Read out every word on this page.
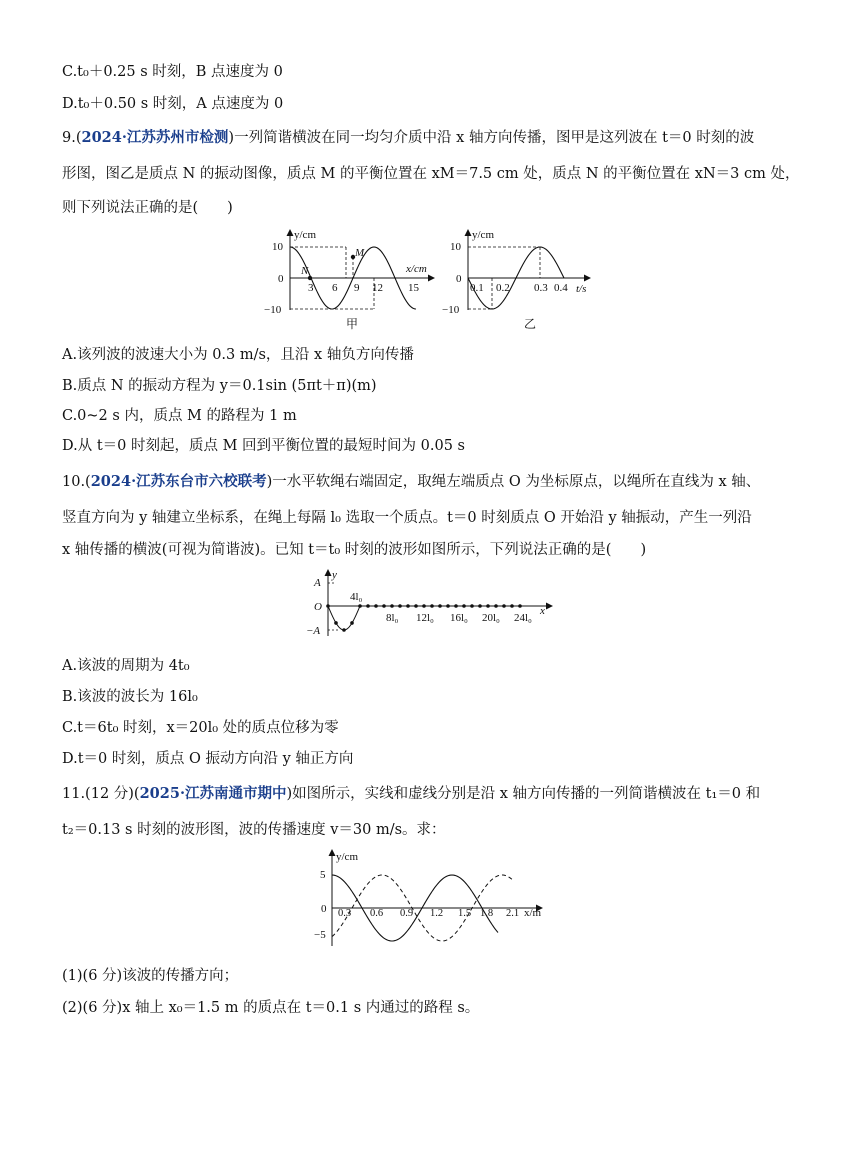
C.t₀＋0.25 s 时刻，B 点速度为 0
D.t₀＋0.50 s 时刻，A 点速度为 0
9.(2024·江苏苏州市检测)一列简谐横波在同一均匀介质中沿 x 轴方向传播，图甲是这列波在 t＝0 时刻的波
形图，图乙是质点 N 的振动图像，质点 M 的平衡位置在 xM＝7.5 cm 处，质点 N 的平衡位置在 xN＝3 cm 处，
则下列说法正确的是(　　)
y/cm
x/cm
10
0
−10
N
M
3 6 9 12 15
甲
y/cm
t/s
10
0
−10
0.1 0.2 0.3 0.4
乙
A.该列波的波速大小为 0.3 m/s，且沿 x 轴负方向传播
B.质点 N 的振动方程为 y＝0.1sin (5πt＋π)(m)
C.0~2 s 内，质点 M 的路程为 1 m
D.从 t＝0 时刻起，质点 M 回到平衡位置的最短时间为 0.05 s
10.(2024·江苏东台市六校联考)一水平软绳右端固定，取绳左端质点 O 为坐标原点，以绳所在直线为 x 轴、
竖直方向为 y 轴建立坐标系，在绳上每隔 l₀ 选取一个质点。t＝0 时刻质点 O 开始沿 y 轴振动，产生一列沿
x 轴传播的横波(可视为简谐波)。已知 t＝t₀ 时刻的波形如图所示，下列说法正确的是(　　)
y
x
A
O
−A
4l₀
8l₀ 12l₀ 16l₀ 20l₀ 24l₀
A.该波的周期为 4t₀
B.该波的波长为 16l₀
C.t＝6t₀ 时刻，x＝20l₀ 处的质点位移为零
D.t＝0 时刻，质点 O 振动方向沿 y 轴正方向
11.(12 分)(2025·江苏南通市期中)如图所示，实线和虚线分别是沿 x 轴方向传播的一列简谐横波在 t₁＝0 和
t₂＝0.13 s 时刻的波形图，波的传播速度 v＝30 m/s。求：
y/cm
x/m
5
0
−5
0.3 0.6 0.9 1.2 1.5 1.8 2.1
(1)(6 分)该波的传播方向；
(2)(6 分)x 轴上 x₀＝1.5 m 的质点在 t＝0.1 s 内通过的路程 s。
